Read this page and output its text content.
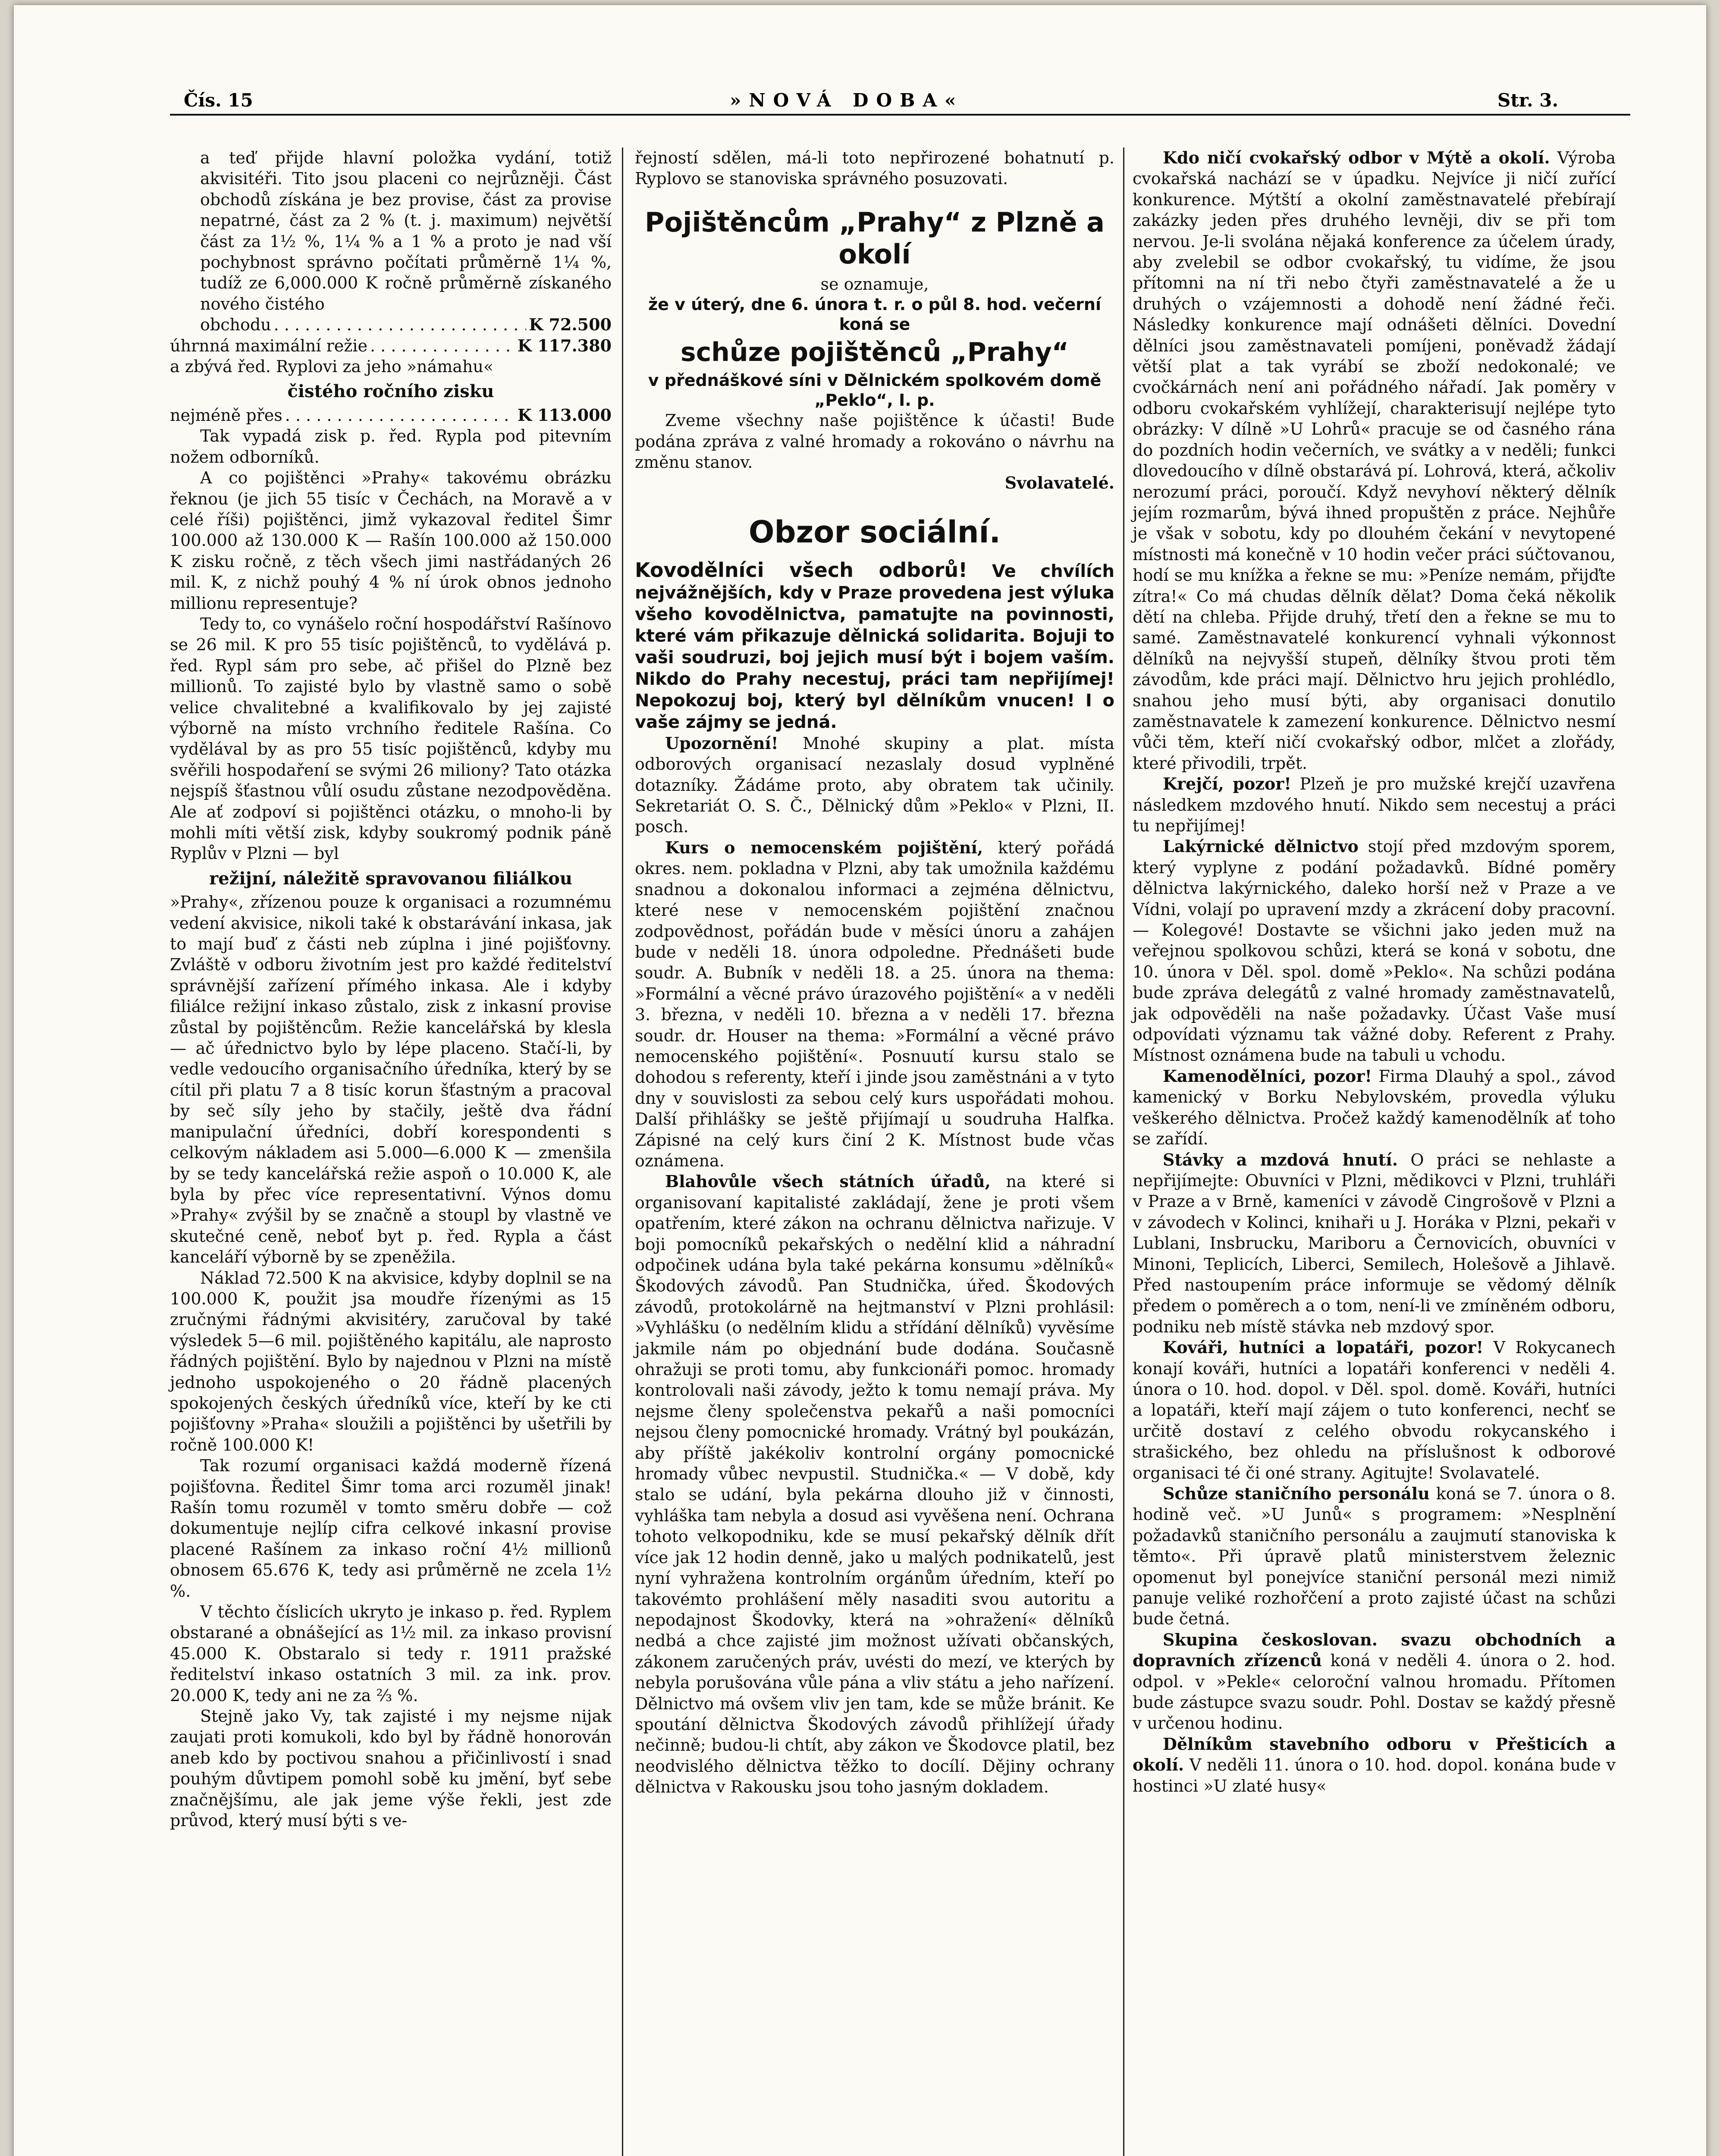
Čís. 15	»NOVÁ DOBA«	Str. 3.

a teď přijde hlavní položka vydání, totiž akvisitéři. Tito jsou placeni co nejrůzněji. Část obchodů získána je bez provise, část za provise nepatrné, část za 2 % (t. j. maximum) největší část za 1½ %, 1¼ % a 1 % a proto je nad vší pochybnost správno počítati průměrně 1¼ %, tudíž ze 6,000.000 K ročně průměrně získaného nového čistého

obchodu . . .	K 72.500
úhrnná maximální režie . . .	K 117.380

a zbývá řed. Ryplovi za jeho »námahu«

čistého ročního zisku
nejméně přes . . .	K 113.000

Tak vypadá zisk p. řed. Rypla pod pitevním nožem odborníků.

A co pojištěnci »Prahy« takovému obrázku řeknou (je jich 55 tisíc v Čechách, na Moravě a v celé říši) pojištěnci, jimž vykazoval ředitel Šimr 100.000 až 130.000 K — Rašín 100.000 až 150.000 K zisku ročně, z těch všech jimi nastřádaných 26 mil. K, z nichž pouhý 4 % ní úrok obnos jednoho millionu representuje?

Tedy to, co vynášelo roční hospodářství Rašínovo se 26 mil. K pro 55 tisíc pojištěnců, to vydělává p. řed. Rypl sám pro sebe, ač přišel do Plzně bez millionů. To zajisté bylo by vlastně samo o sobě velice chvalitebné a kvalifikovalo by jej zajisté výborně na místo vrchního ředitele Rašína. Co vydělával by as pro 55 tisíc pojištěnců, kdyby mu svěřili hospodaření se svými 26 miliony? Tato otázka nejspíš šťastnou vůlí osudu zůstane nezodpověděna. Ale ať zodpoví si pojištěnci otázku, o mnoho-li by mohli míti větší zisk, kdyby soukromý podnik páně Ryplův v Plzni — byl

režijní, náležitě spravovanou filiálkou

»Prahy«, zřízenou pouze k organisaci a rozumnému vedení akvisice, nikoli také k obstarávání inkasa, jak to mají buď z části neb zúplna i jiné pojišťovny. Zvláště v odboru životním jest pro každé ředitelství správnější zařízení přímého inkasa. Ale i kdyby filiálce režijní inkaso zůstalo, zisk z inkasní provise zůstal by pojištěncům. Režie kancelářská by klesla — ač úřednictvo bylo by lépe placeno. Stačí-li, by vedle vedoucího organisačního úředníka, který by se cítil při platu 7 a 8 tisíc korun šťastným a pracoval by seč síly jeho by stačily, ještě dva řádní manipulační úředníci, dobří korespondenti s celkovým nákladem asi 5.000—6.000 K — zmenšila by se tedy kancelářská režie aspoň o 10.000 K, ale byla by přec více representativní. Výnos domu »Prahy« zvýšil by se značně a stoupl by vlastně ve skutečné ceně, neboť byt p. řed. Rypla a část kanceláří výborně by se zpeněžila.

Náklad 72.500 K na akvisice, kdyby doplnil se na 100.000 K, použit jsa moudře řízenými as 15 zručnými řádnými akvisitéry, zaručoval by také výsledek 5—6 mil. pojištěného kapitálu, ale naprosto řádných pojištění. Bylo by najednou v Plzni na místě jednoho uspokojeného o 20 řádně placených spokojených českých úředníků více, kteří by ke cti pojišťovny »Praha« sloužili a pojištěnci by ušetřili by ročně 100.000 K!

Tak rozumí organisaci každá moderně řízená pojišťovna. Ředitel Šimr toma arci rozuměl jinak! Rašín tomu rozuměl v tomto směru dobře — což dokumentuje nejlíp cifra celkové inkasní provise placené Rašínem za inkaso roční 4½ millionů obnosem 65.676 K, tedy asi průměrně ne zcela 1½ %.

V těchto číslicích ukryto je inkaso p. řed. Ryplem obstarané a obnášející as 1½ mil. za inkaso provisní 45.000 K. Obstaralo si tedy r. 1911 pražské ředitelství inkaso ostatních 3 mil. za ink. prov. 20.000 K, tedy ani ne za ⅔ %.

Stejně jako Vy, tak zajisté i my nejsme nijak zaujati proti komukoli, kdo byl by řádně honorován aneb kdo by poctivou snahou a přičinlivostí i snad pouhým důvtipem pomohl sobě ku jmění, byť sebe značnějšímu, ale jak jeme výše řekli, jest zde průvod, který musí býti s ve-

řejností sdělen, má-li toto nepřirozené bohatnutí p. Ryplovo se stanoviska správného posuzovati.

Pojištěncům „Prahy“ z Plzně a okolí
se oznamuje,
že v úterý, dne 6. února t. r. o půl 8. hod. večerní koná se
schůze pojištěnců „Prahy“
v přednáškové síni v Dělnickém spolkovém domě „Peklo“, I. p.

Zveme všechny naše pojištěnce k účasti! Bude podána zpráva z valné hromady a rokováno o návrhu na změnu stanov.

Svolavatelé.
Obzor sociální.
Kovodělníci všech odborů! Ve chvílích nejvážnějších, kdy v Praze provedena jest výluka všeho kovodělnictva, pamatujte na povinnosti, které vám přikazuje dělnická solidarita. Bojuji to vaši soudruzi, boj jejich musí být i bojem vaším. Nikdo do Prahy necestuj, práci tam nepřijímej! Nepokozuj boj, který byl dělníkům vnucen! I o vaše zájmy se jedná.

Upozornění! Mnohé skupiny a plat. místa odborových organisací nezaslaly dosud vyplněné dotazníky. Žádáme proto, aby obratem tak učinily. Sekretariát O. S. Č., Dělnický dům »Peklo« v Plzni, II. posch.

Kurs o nemocenském pojištění, který pořádá okres. nem. pokladna v Plzni, aby tak umožnila každému snadnou a dokonalou informaci a zejména dělnictvu, které nese v nemocenském pojištění značnou zodpovědnost, pořádán bude v měsíci únoru a zahájen bude v neděli 18. února odpoledne. Přednášeti bude soudr. A. Bubník v neděli 18. a 25. února na thema: »Formální a věcné právo úrazového pojištění« a v neděli 3. března, v neděli 10. března a v neděli 17. března soudr. dr. Houser na thema: »Formální a věcné právo nemocenského pojištění«. Posnuutí kursu stalo se dohodou s referenty, kteří i jinde jsou zaměstnáni a v tyto dny v souvislosti za sebou celý kurs uspořádati mohou. Další přihlášky se ještě přijímají u soudruha Halfka. Zápisné na celý kurs činí 2 K. Místnost bude včas oznámena.

Blahovůle všech státních úřadů, na které si organisovaní kapitalisté zakládají, žene je proti všem opatřením, které zákon na ochranu dělnictva nařizuje. V boji pomocníků pekařských o nedělní klid a náhradní odpočinek udána byla také pekárna konsumu »dělníků« Škodových závodů. Pan Studnička, úřed. Škodových závodů, protokolárně na hejtmanství v Plzni prohlásil: »Vyhlášku (o nedělním klidu a střídání dělníků) vyvěsíme jakmile nám po objednání bude dodána. Současně ohražuji se proti tomu, aby funkcionáři pomoc. hromady kontrolovali naši závody, ježto k tomu nemají práva. My nejsme členy společenstva pekařů a naši pomocníci nejsou členy pomocnické hromady. Vrátný byl poukázán, aby příště jakékoliv kontrolní orgány pomocnické hromady vůbec nevpustil. Studnička.« — V době, kdy stalo se udání, byla pekárna dlouho již v činnosti, vyhláška tam nebyla a dosud asi vyvěšena není. Ochrana tohoto velkopodniku, kde se musí pekařský dělník dřít více jak 12 hodin denně, jako u malých podnikatelů, jest nyní vyhražena kontrolním orgánům úředním, kteří po takovémto prohlášení měly nasaditi svou autoritu a nepodajnost Škodovky, která na »ohražení« dělníků nedbá a chce zajisté jim možnost užívati občanských, zákonem zaručených práv, uvésti do mezí, ve kterých by nebyla porušována vůle pána a vliv státu a jeho nařízení. Dělnictvo má ovšem vliv jen tam, kde se může bránit. Ke spoutání dělnictva Škodových závodů přihlížejí úřady nečinně; budou-li chtít, aby zákon ve Škodovce platil, bez neodvislého dělnictva těžko to docílí. Dějiny ochrany dělnictva v Rakousku jsou toho jasným dokladem.

Kdo ničí cvokařský odbor v Mýtě a okolí. Výroba cvokařská nachází se v úpadku. Nejvíce ji ničí zuřící konkurence. Mýtští a okolní zaměstnavatelé přebírají zakázky jeden přes druhého levněji, div se při tom nervou. Je-li svolána nějaká konference za účelem úrady, aby zvelebil se odbor cvokařský, tu vidíme, že jsou přítomni na ní tři nebo čtyři zaměstnavatelé a že u druhých o vzájemnosti a dohodě není žádné řeči. Následky konkurence mají odnášeti dělníci. Dovední dělníci jsou zaměstnavateli pomíjeni, poněvadž žádají větší plat a tak vyrábí se zboží nedokonalé; ve cvočkárnách není ani pořádného nářadí. Jak poměry v odboru cvokařském vyhlížejí, charakterisují nejlépe tyto obrázky: V dílně »U Lohrů« pracuje se od časného rána do pozdních hodin večerních, ve svátky a v neděli; funkci dlovedoucího v dílně obstarává pí. Lohrová, která, ačkoliv nerozumí práci, poroučí. Když nevyhoví některý dělník jejím rozmarům, bývá ihned propuštěn z práce. Nejhůře je však v sobotu, kdy po dlouhém čekání v nevytopené místnosti má konečně v 10 hodin večer práci súčtovanou, hodí se mu knížka a řekne se mu: »Peníze nemám, přijďte zítra!« Co má chudas dělník dělat? Doma čeká několik dětí na chleba. Přijde druhý, třetí den a řekne se mu to samé. Zaměstnavatelé konkurencí vyhnali výkonnost dělníků na nejvyšší stupeň, dělníky štvou proti těm závodům, kde práci mají. Dělnictvo hru jejich prohlédlo, snahou jeho musí býti, aby organisaci donutilo zaměstnavatele k zamezení konkurence. Dělnictvo nesmí vůči těm, kteří ničí cvokařský odbor, mlčet a zlořády, které přivodili, trpět.

Krejčí, pozor! Plzeň je pro mužské krejčí uzavřena následkem mzdového hnutí. Nikdo sem necestuj a práci tu nepřijímej!

Lakýrnické dělnictvo stojí před mzdovým sporem, který vyplyne z podání požadavků. Bídné poměry dělnictva lakýrnického, daleko horší než v Praze a ve Vídni, volají po upravení mzdy a zkrácení doby pracovní. — Kolegové! Dostavte se všichni jako jeden muž na veřejnou spolkovou schůzi, která se koná v sobotu, dne 10. února v Děl. spol. domě »Peklo«. Na schůzi podána bude zpráva delegátů z valné hromady zaměstnavatelů, jak odpověděli na naše požadavky. Účast Vaše musí odpovídati významu tak vážné doby. Referent z Prahy. Místnost oznámena bude na tabuli u vchodu.

Kamenodělníci, pozor! Firma Dlauhý a spol., závod kamenický v Borku Nebylovském, provedla výluku veškerého dělnictva. Pročež každý kamenodělník ať toho se zařídí.

Stávky a mzdová hnutí. O práci se nehlaste a nepřijímejte: Obuvníci v Plzni, mědikovci v Plzni, truhláři v Praze a v Brně, kameníci v závodě Cingrošově v Plzni a v závodech v Kolinci, knihaři u J. Horáka v Plzni, pekaři v Lublani, Insbrucku, Mariboru a Černovicích, obuvníci v Minoni, Teplicích, Liberci, Semilech, Holešově a Jihlavě. Před nastoupením práce informuje se vědomý dělník předem o poměrech a o tom, není-li ve zmíněném odboru, podniku neb místě stávka neb mzdový spor.

Kováři, hutníci a lopatáři, pozor! V Rokycanech konají kováři, hutníci a lopatáři konferenci v neděli 4. února o 10. hod. dopol. v Děl. spol. domě. Kováři, hutníci a lopatáři, kteří mají zájem o tuto konferenci, nechť se určitě dostaví z celého obvodu rokycanského i strašického, bez ohledu na příslušnost k odborové organisaci té či oné strany. Agitujte! Svolavatelé.

Schůze staničního personálu koná se 7. února o 8. hodině več. »U Junů« s programem: »Nesplnění požadavků staničního personálu a zaujmutí stanoviska k těmto«. Při úpravě platů ministerstvem železnic opomenut byl ponejvíce staniční personál mezi nimiž panuje veliké rozhořčení a proto zajisté účast na schůzi bude četná.

Skupina českoslovan. svazu obchodních a dopravních zřízenců koná v neděli 4. února o 2. hod. odpol. v »Pekle« celoroční valnou hromadu. Přítomen bude zástupce svazu soudr. Pohl. Dostav se každý přesně v určenou hodinu.

Dělníkům stavebního odboru v Přešticích a okolí. V neděli 11. února o 10. hod. dopol. konána bude v hostinci »U zlaté husy«
